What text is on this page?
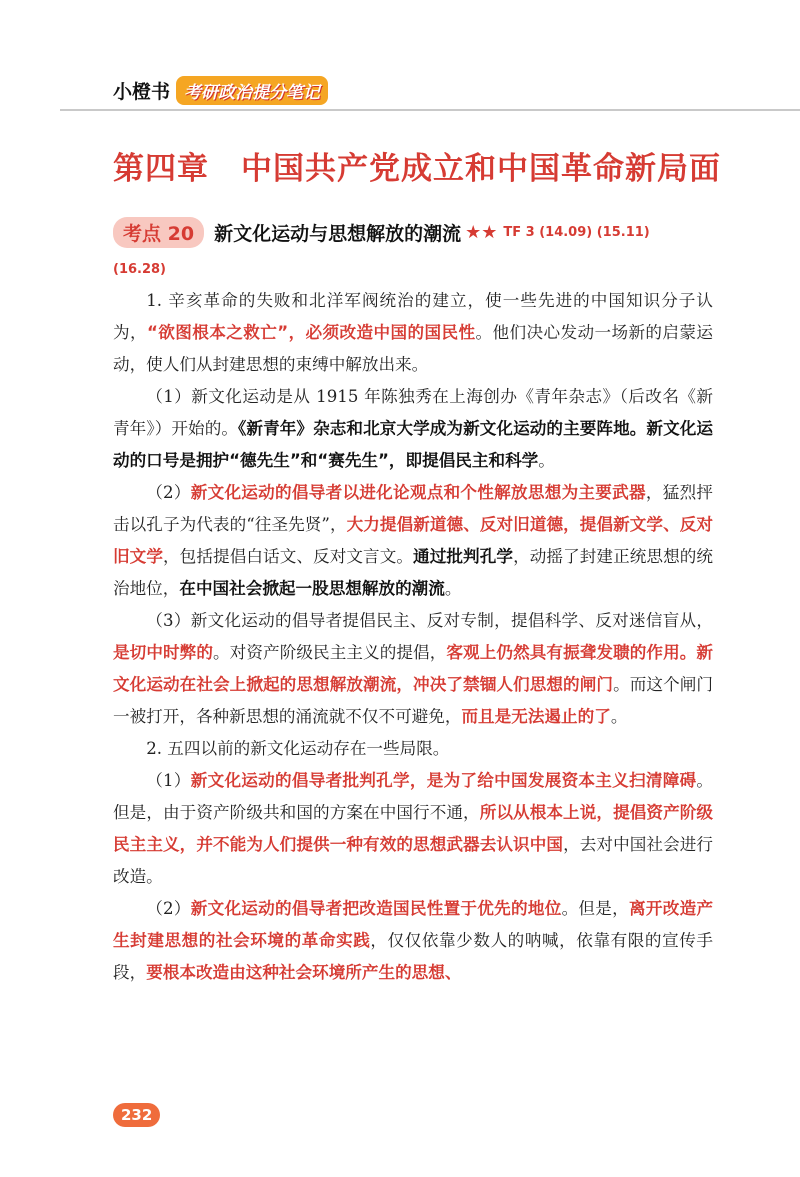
小橙书 考研政治提分笔记
第四章　中国共产党成立和中国革命新局面
考点 20	新文化运动与思想解放的潮流 ★★ TF 3 (14.09) (15.11)
(16.28)

1. 辛亥革命的失败和北洋军阀统治的建立，使一些先进的中国知识分子认为，“欲图根本之救亡”，必须改造中国的国民性。他们决心发动一场新的启蒙运动，使人们从封建思想的束缚中解放出来。

（1）新文化运动是从 1915 年陈独秀在上海创办《青年杂志》（后改名《新青年》）开始的。《新青年》杂志和北京大学成为新文化运动的主要阵地。新文化运动的口号是拥护“德先生”和“赛先生”，即提倡民主和科学。

（2）新文化运动的倡导者以进化论观点和个性解放思想为主要武器，猛烈抨击以孔子为代表的“往圣先贤”，大力提倡新道德、反对旧道德，提倡新文学、反对旧文学，包括提倡白话文、反对文言文。通过批判孔学，动摇了封建正统思想的统治地位，在中国社会掀起一股思想解放的潮流。

（3）新文化运动的倡导者提倡民主、反对专制，提倡科学、反对迷信盲从，是切中时弊的。对资产阶级民主主义的提倡，客观上仍然具有振聋发聩的作用。新文化运动在社会上掀起的思想解放潮流，冲决了禁锢人们思想的闸门。而这个闸门一被打开，各种新思想的涌流就不仅不可避免，而且是无法遏止的了。

2. 五四以前的新文化运动存在一些局限。

（1）新文化运动的倡导者批判孔学，是为了给中国发展资本主义扫清障碍。但是，由于资产阶级共和国的方案在中国行不通，所以从根本上说，提倡资产阶级民主主义，并不能为人们提供一种有效的思想武器去认识中国，去对中国社会进行改造。

（2）新文化运动的倡导者把改造国民性置于优先的地位。但是，离开改造产生封建思想的社会环境的革命实践，仅仅依靠少数人的呐喊，依靠有限的宣传手段，要根本改造由这种社会环境所产生的思想、

232
